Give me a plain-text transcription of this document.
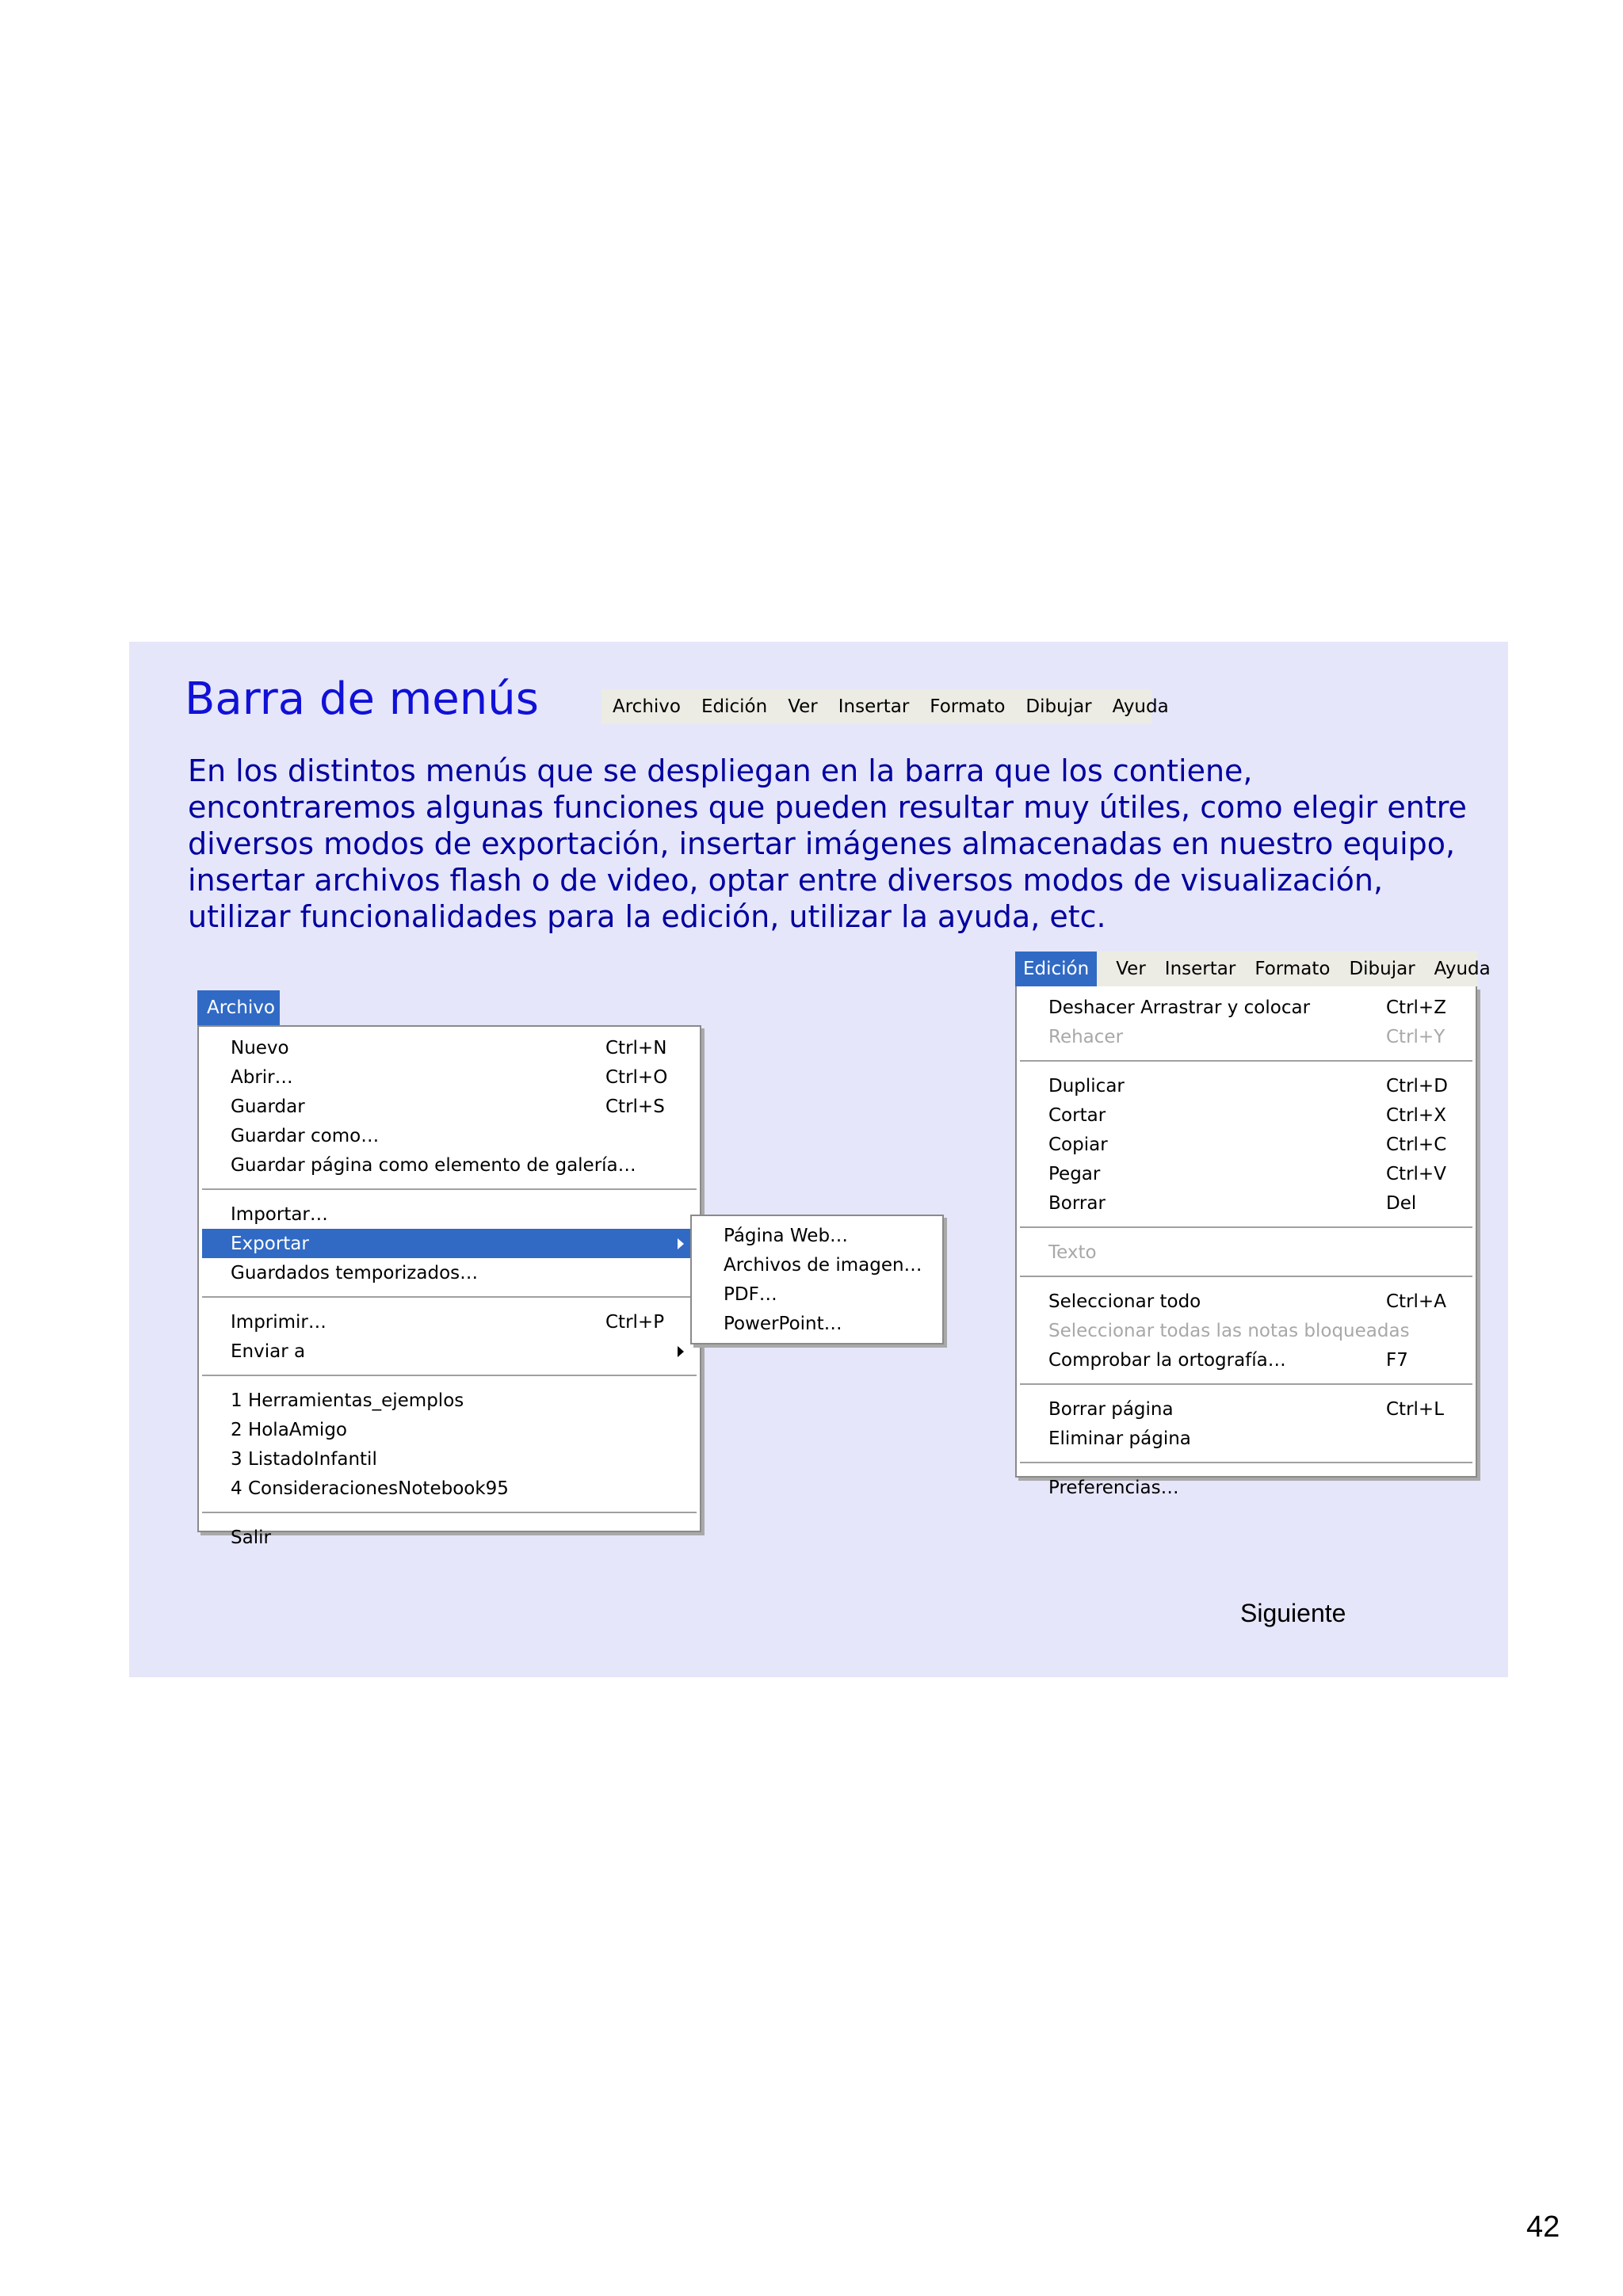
Barra de menús	Archivo Edición Ver Insertar Formato Dibujar Ayuda
En los distintos menús que se despliegan en la barra que los contiene, encontraremos algunas funciones que pueden resultar muy útiles, como elegir entre diversos modos de exportación, insertar imágenes almacenadas en nuestro equipo, insertar archivos flash o de video, optar entre diversos modos de visualización, utilizar funcionalidades para la edición, utilizar la ayuda, etc.
Archivo
Nuevo	Ctrl+N
Abrir…	Ctrl+O
Guardar	Ctrl+S
Guardar como…
Guardar página como elemento de galería…
Importar…
Exportar
Guardados temporizados…
Imprimir…	Ctrl+P
Enviar a
1 Herramientas_ejemplos
2 HolaAmigo
3 ListadoInfantil
4 ConsideracionesNotebook95
Salir
Página Web…
Archivos de imagen…
PDF…
PowerPoint…
Edición	Ver Insertar Formato Dibujar Ayuda
Deshacer Arrastrar y colocar	Ctrl+Z
Rehacer	Ctrl+Y
Duplicar	Ctrl+D
Cortar	Ctrl+X
Copiar	Ctrl+C
Pegar	Ctrl+V
Borrar	Del
Texto
Seleccionar todo	Ctrl+A
Seleccionar todas las notas bloqueadas
Comprobar la ortografía…	F7
Borrar página	Ctrl+L
Eliminar página
Preferencias…
Siguiente
42
